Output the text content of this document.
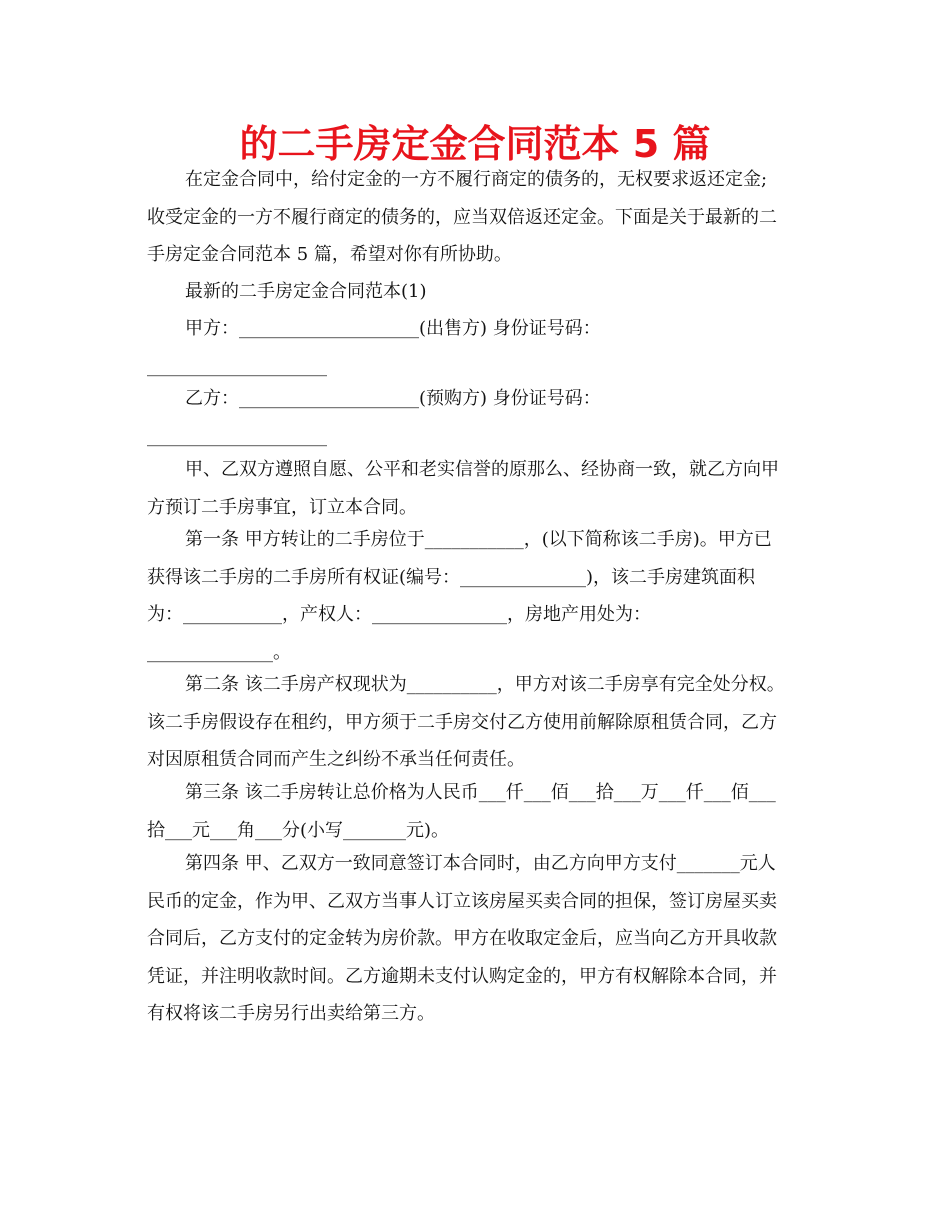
的二手房定金合同范本 5 篇
在定金合同中，给付定金的一方不履行商定的债务的，无权要求返还定金;
收受定金的一方不履行商定的债务的，应当双倍返还定金。下面是关于最新的二
手房定金合同范本 5 篇，希望对你有所协助。
最新的二手房定金合同范本(1)
甲方：____________________(出售方) 身份证号码：
____________________
乙方：____________________(预购方) 身份证号码：
____________________
甲、乙双方遵照自愿、公平和老实信誉的原那么、经协商一致，就乙方向甲
方预订二手房事宜，订立本合同。
第一条 甲方转让的二手房位于___________，(以下简称该二手房)。甲方已
获得该二手房的二手房所有权证(编号：______________)，该二手房建筑面积
为：___________，产权人：_______________，房地产用处为：
______________。
第二条 该二手房产权现状为__________，甲方对该二手房享有完全处分权。
该二手房假设存在租约，甲方须于二手房交付乙方使用前解除原租赁合同，乙方
对因原租赁合同而产生之纠纷不承当任何责任。
第三条 该二手房转让总价格为人民币___仟___佰___拾___万___仟___佰___
拾___元___角___分(小写_______元)。
第四条 甲、乙双方一致同意签订本合同时，由乙方向甲方支付_______元人
民币的定金，作为甲、乙双方当事人订立该房屋买卖合同的担保，签订房屋买卖
合同后，乙方支付的定金转为房价款。甲方在收取定金后，应当向乙方开具收款
凭证，并注明收款时间。乙方逾期未支付认购定金的，甲方有权解除本合同，并
有权将该二手房另行出卖给第三方。
